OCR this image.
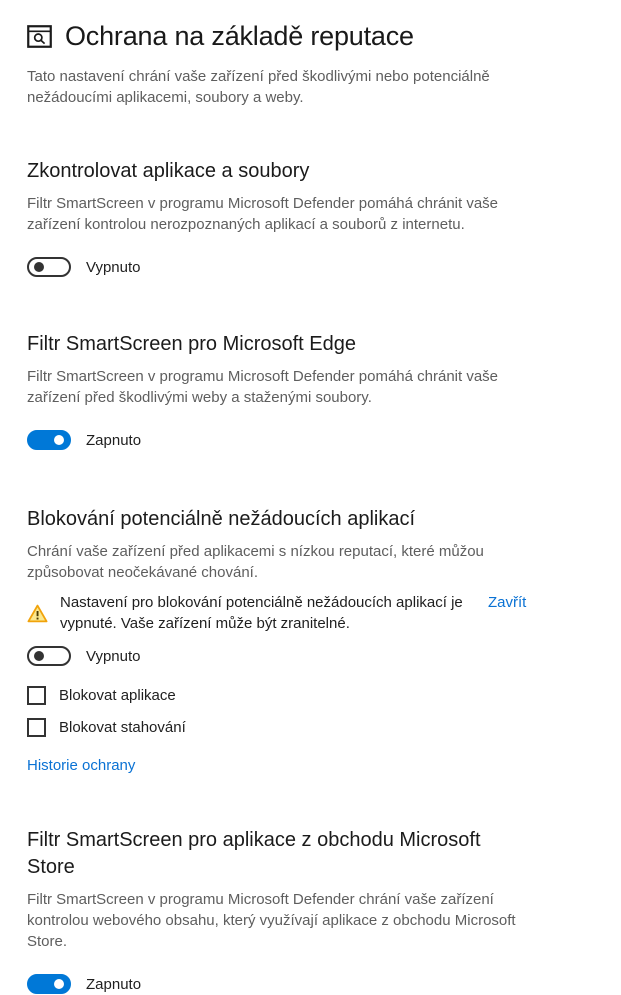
Ochrana na základě reputace

Tato nastavení chrání vaše zařízení před škodlivými nebo potenciálně nežádoucími aplikacemi, soubory a weby.

Zkontrolovat aplikace a soubory

Filtr SmartScreen v programu Microsoft Defender pomáhá chránit vaše zařízení kontrolou nerozpoznaných aplikací a souborů z internetu.

Vypnuto
Filtr SmartScreen pro Microsoft Edge

Filtr SmartScreen v programu Microsoft Defender pomáhá chránit vaše zařízení před škodlivými weby a staženými soubory.

Zapnuto
Blokování potenciálně nežádoucích aplikací

Chrání vaše zařízení před aplikacemi s nízkou reputací, které můžou způsobovat neočekávané chování.

Nastavení pro blokování potenciálně nežádoucích aplikací je vypnuté. Vaše zařízení může být zranitelné.

Zavřít
Vypnuto
Blokovat aplikace
Blokovat stahování
Historie ochrany
Filtr SmartScreen pro aplikace z obchodu Microsoft Store

Filtr SmartScreen v programu Microsoft Defender chrání vaše zařízení kontrolou webového obsahu, který využívají aplikace z obchodu Microsoft Store.

Zapnuto
